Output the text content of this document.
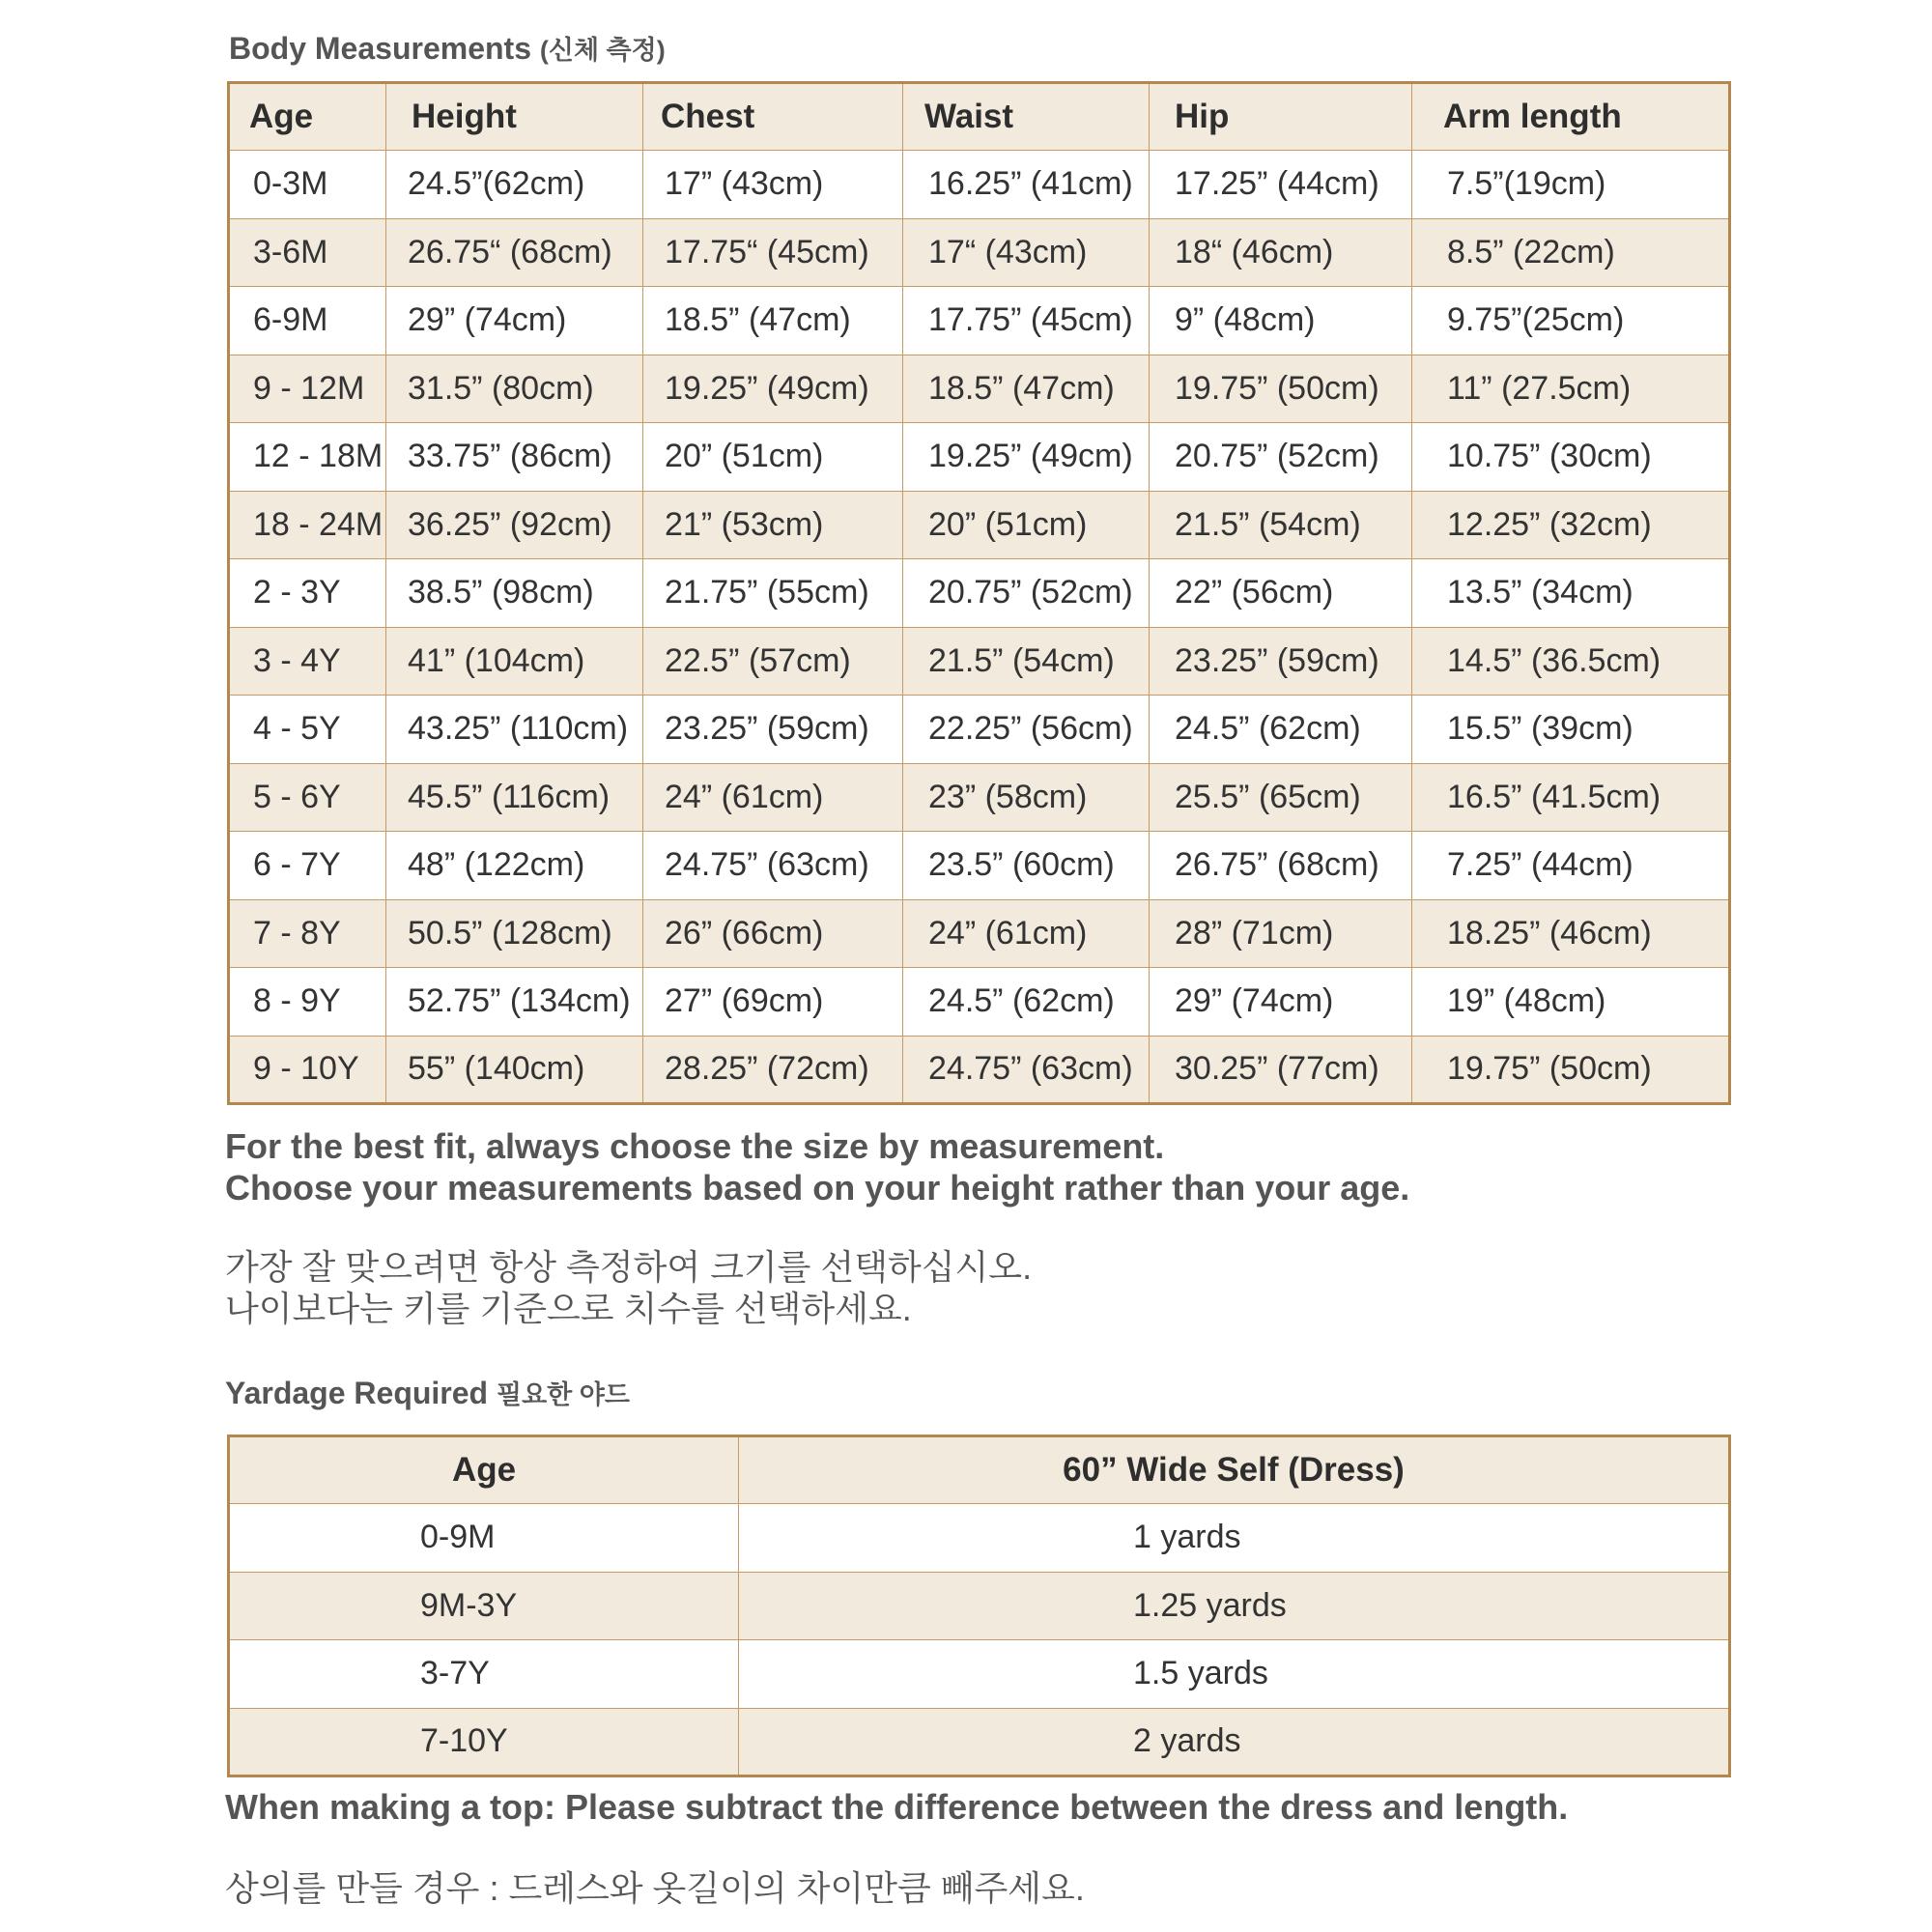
Body Measurements (신체 측정)
Age	Height	Chest	Waist	Hip	Arm length
0-3M	24.5”(62cm)	17” (43cm)	16.25” (41cm)	17.25” (44cm)	7.5”(19cm)
3-6M	26.75“ (68cm)	17.75“ (45cm)	17“ (43cm)	18“ (46cm)	8.5” (22cm)
6-9M	29” (74cm)	18.5” (47cm)	17.75” (45cm)	9” (48cm)	9.75”(25cm)
9 - 12M	31.5” (80cm)	19.25” (49cm)	18.5” (47cm)	19.75” (50cm)	11” (27.5cm)
12 - 18M	33.75” (86cm)	20” (51cm)	19.25” (49cm)	20.75” (52cm)	10.75” (30cm)
18 - 24M	36.25” (92cm)	21” (53cm)	20” (51cm)	21.5” (54cm)	12.25” (32cm)
2 - 3Y	38.5” (98cm)	21.75” (55cm)	20.75” (52cm)	22” (56cm)	13.5” (34cm)
3 - 4Y	41” (104cm)	22.5” (57cm)	21.5” (54cm)	23.25” (59cm)	14.5” (36.5cm)
4 - 5Y	43.25” (110cm)	23.25” (59cm)	22.25” (56cm)	24.5” (62cm)	15.5” (39cm)
5 - 6Y	45.5” (116cm)	24” (61cm)	23” (58cm)	25.5” (65cm)	16.5” (41.5cm)
6 - 7Y	48” (122cm)	24.75” (63cm)	23.5” (60cm)	26.75” (68cm)	7.25” (44cm)
7 - 8Y	50.5” (128cm)	26” (66cm)	24” (61cm)	28” (71cm)	18.25” (46cm)
8 - 9Y	52.75” (134cm)	27” (69cm)	24.5” (62cm)	29” (74cm)	19” (48cm)
9 - 10Y	55” (140cm)	28.25” (72cm)	24.75” (63cm)	30.25” (77cm)	19.75” (50cm)
For the best fit, always choose the size by measurement.
Choose your measurements based on your height rather than your age.
가장 잘 맞으려면 항상 측정하여 크기를 선택하십시오.
나이보다는 키를 기준으로 치수를 선택하세요.
Yardage Required 필요한 야드
Age	60” Wide Self (Dress)
0-9M	1 yards
9M-3Y	1.25 yards
3-7Y	1.5 yards
7-10Y	2 yards
When making a top: Please subtract the difference between the dress and length.
상의를 만들 경우 : 드레스와 옷길이의 차이만큼 빼주세요.
